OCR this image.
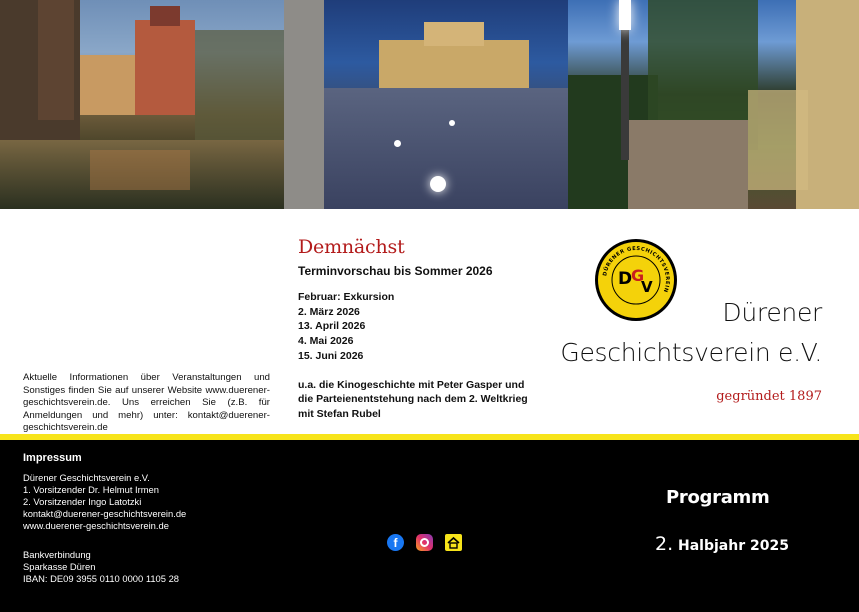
Aktuelle Informationen über Veranstaltungen und Sonstiges finden Sie auf unserer Website www.duerener-geschichtsverein.de. Uns erreichen Sie (z.B. für Anmeldungen und mehr) unter: kontakt@duerener-geschichtsverein.de
Demnächst
Terminvorschau bis Sommer 2026
Februar: Exkursion
2. März 2026
13. April 2026
4. Mai 2026
15. Juni 2026
u.a. die Kinogeschichte mit Peter Gasper und die Parteienentstehung nach dem 2. Weltkrieg mit Stefan Rubel
DÜRENER GESCHICHTSVEREIN
D
G
V
Dürener
Geschichtsverein e.V.
gegründet 1897
Impressum
Dürener Geschichtsverein e.V.
1. Vorsitzender Dr. Helmut Irmen
2. Vorsitzender Ingo Latotzki
kontakt@duerener-geschichtsverein.de
www.duerener-geschichtsverein.de
Bankverbindung
Sparkasse Düren
IBAN: DE09 3955 0110 0000 1105 28
f
Programm
2. Halbjahr 2025
